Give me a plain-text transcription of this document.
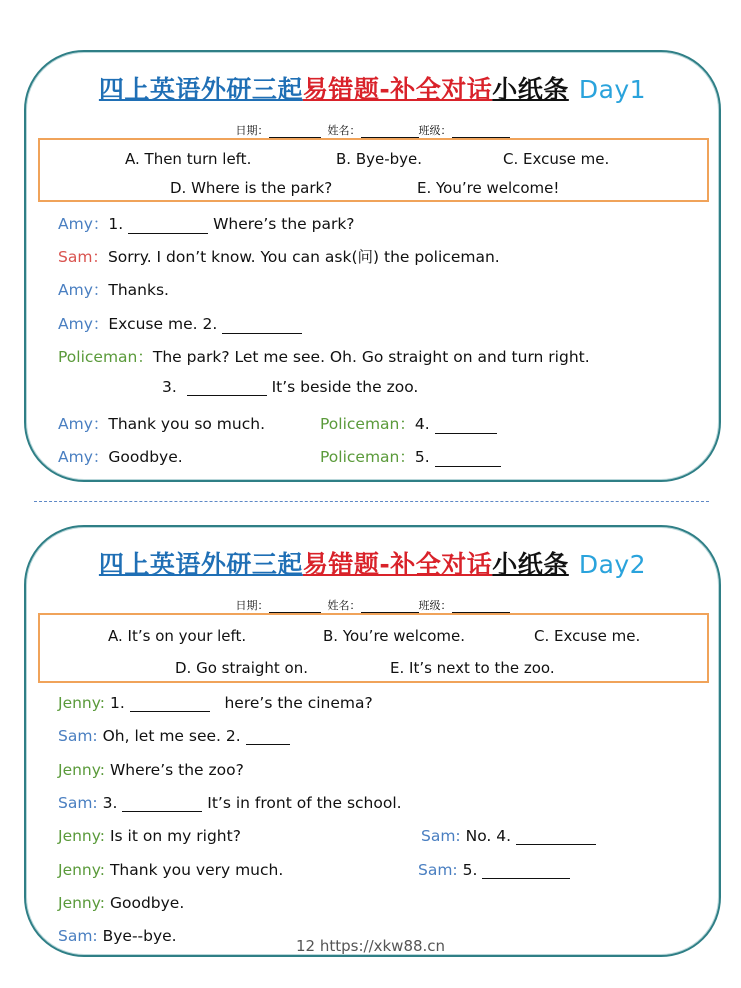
四上英语外研三起易错题-补全对话小纸条 Day1
日期：	姓名：	班级：
A. Then turn left.	B. Bye-bye.	C. Excuse me.
D. Where is the park?	E. You’re welcome!
Amy：1.	Where’s the park?
Sam：Sorry. I don’t know. You can ask(问) the policeman.
Amy：Thanks.
Amy：Excuse me. 2.
Policeman：The park? Let me see. Oh. Go straight on and turn right.
3.	It’s beside the zoo.
Amy：Thank you so much.	Policeman：4.
Amy：Goodbye.	Policeman：5.
四上英语外研三起易错题-补全对话小纸条 Day2
日期：	姓名：	班级：
A. It’s on your left.	B. You’re welcome.	C. Excuse me.
D. Go straight on.	E. It’s next to the zoo.
Jenny: 1.	here’s the cinema?
Sam: Oh, let me see. 2.
Jenny: Where’s the zoo?
Sam: 3.	It’s in front of the school.
Jenny: Is it on my right?	Sam: No. 4.
Jenny: Thank you very much.	Sam: 5.
Jenny: Goodbye.
Sam: Bye--bye.
12 https://xkw88.cn
